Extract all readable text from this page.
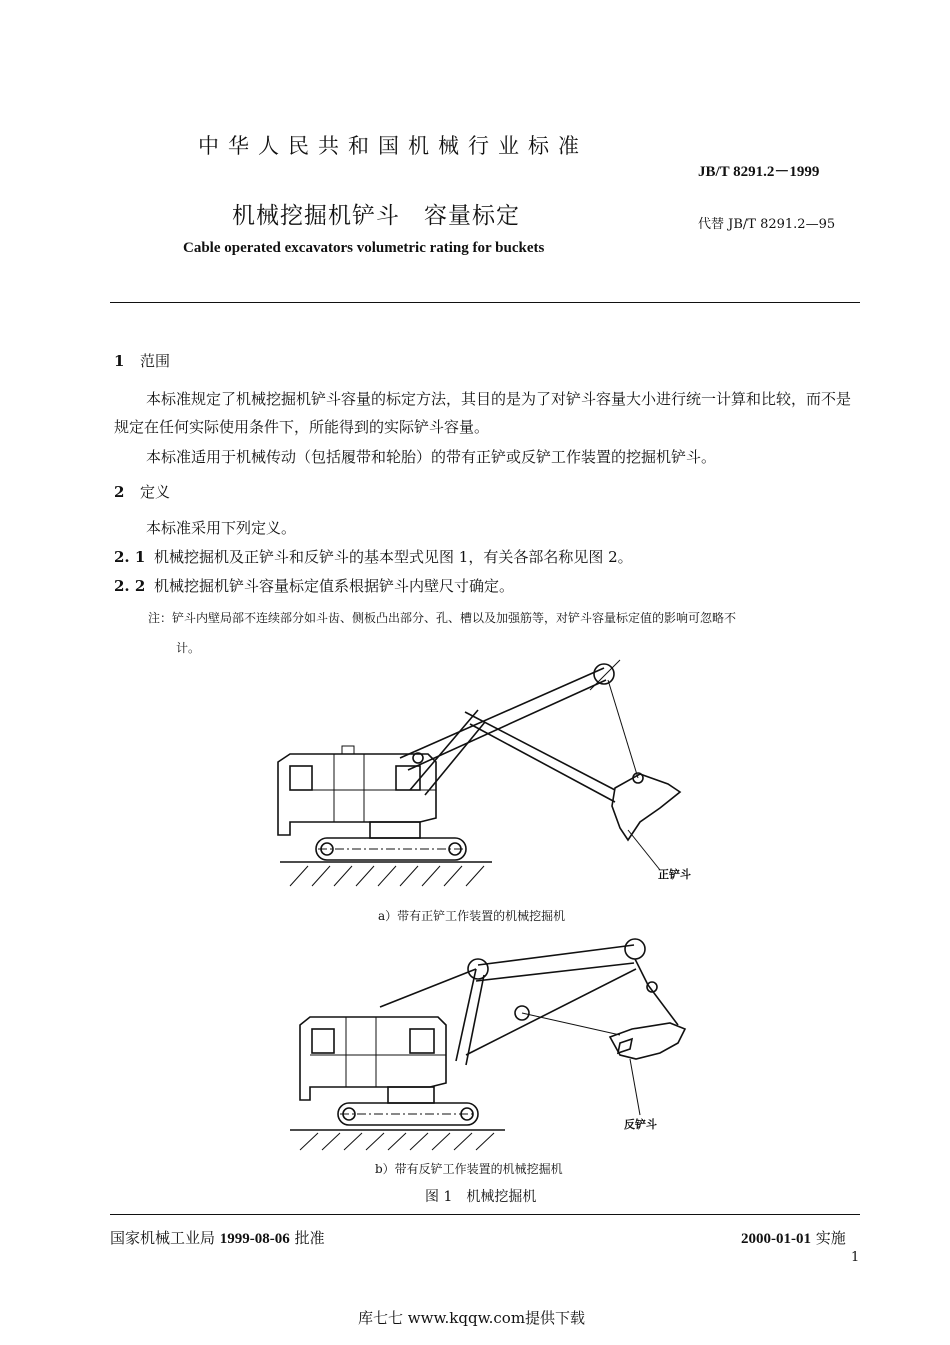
中华人民共和国机械行业标准
JB/T 8291.2－1999
机械挖掘机铲斗　容量标定	代替 JB/T 8291.2—95
Cable operated excavators volumetric rating for buckets
1 范围
本标准规定了机械挖掘机铲斗容量的标定方法，其目的是为了对铲斗容量大小进行统一计算和比较，而不是规定在任何实际使用条件下，所能得到的实际铲斗容量。
本标准适用于机械传动（包括履带和轮胎）的带有正铲或反铲工作装置的挖掘机铲斗。
2 定义
本标准采用下列定义。
2. 1 机械挖掘机及正铲斗和反铲斗的基本型式见图 1，有关各部名称见图 2。
2. 2 机械挖掘机铲斗容量标定值系根据铲斗内壁尺寸确定。
注：铲斗内壁局部不连续部分如斗齿、侧板凸出部分、孔、槽以及加强筋等，对铲斗容量标定值的影响可忽略不
计。
正铲斗
a）带有正铲工作装置的机械挖掘机
反铲斗
b）带有反铲工作装置的机械挖掘机
图 1　机械挖掘机
国家机械工业局 1999-08-06 批准	2000-01-01 实施
1
库七七 www.kqqw.com提供下载
